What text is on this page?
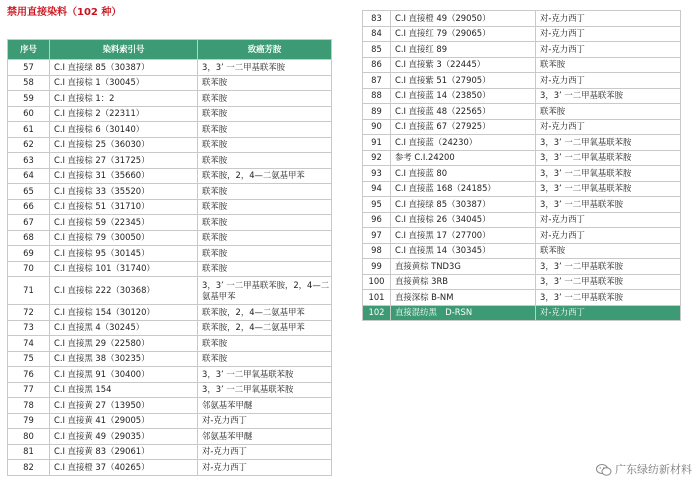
禁用直接染料（102 种）
序号	染料索引号	致癌芳胺
57	C.I 直接绿 85（30387）	3，3’ 一二甲基联苯胺
58	C.I 直接棕 1（30045）	联苯胺
59	C.I 直接棕 1：2	联苯胺
60	C.I 直接棕 2（22311）	联苯胺
61	C.I 直接棕 6（30140）	联苯胺
62	C.I 直接棕 25（36030）	联苯胺
63	C.I 直接棕 27（31725）	联苯胺
64	C.I 直接棕 31（35660）	联苯胺，2，4—二氨基甲苯
65	C.I 直接棕 33（35520）	联苯胺
66	C.I 直接棕 51（31710）	联苯胺
67	C.I 直接棕 59（22345）	联苯胺
68	C.I 直接棕 79（30050）	联苯胺
69	C.I 直接棕 95（30145）	联苯胺
70	C.I 直接棕 101（31740）	联苯胺
71	C.I 直接棕 222（30368）	3，3’ 一二甲基联苯胺，2，4—二氨基甲苯
72	C.I 直接棕 154（30120）	联苯胺，2，4—二氨基甲苯
73	C.I 直接黑 4（30245）	联苯胺，2，4—二氨基甲苯
74	C.I 直接黑 29（22580）	联苯胺
75	C.I 直接黑 38（30235）	联苯胺
76	C.I 直接黑 91（30400）	3，3’ 一二甲氧基联苯胺
77	C.I 直接黑 154	3，3’ 一二甲氧基联苯胺
78	C.I 直接黄 27（13950）	邻氨基苯甲醚
79	C.I 直接黄 41（29005）	对-克力西丁
80	C.I 直接黄 49（29035）	邻氨基苯甲醚
81	C.I 直接黄 83（29061）	对-克力西丁
82	C.I 直接橙 37（40265）	对-克力西丁
83	C.I 直接橙 49（29050）	对-克力西丁
84	C.I 直接红 79（29065）	对-克力西丁
85	C.I 直接红 89	对-克力西丁
86	C.I 直接紫 3（22445）	联苯胺
87	C.I 直接紫 51（27905）	对-克力西丁
88	C.I 直接蓝 14（23850）	3，3’ 一二甲基联苯胺
89	C.I 直接蓝 48（22565）	联苯胺
90	C.I 直接蓝 67（27925）	对-克力西丁
91	C.I 直接蓝（24230）	3，3’ 一二甲氧基联苯胺
92	参考 C.I.24200	3，3’ 一二甲氧基联苯胺
93	C.I 直接蓝 80	3，3’ 一二甲氧基联苯胺
94	C.I 直接蓝 168（24185）	3，3’ 一二甲氧基联苯胺
95	C.I 直接绿 85（30387）	3，3’ 一二甲基联苯胺
96	C.I 直接棕 26（34045）	对-克力西丁
97	C.I 直接黑 17（27700）	对-克力西丁
98	C.I 直接黑 14（30345）	联苯胺
99	直接黄棕 TND3G	3，3’ 一二甲基联苯胺
100	直接黄棕 3RB	3，3’ 一二甲基联苯胺
101	直接深棕 B-NM	3，3’ 一二甲基联苯胺
102	直接混纺黑　D-RSN	对-克力西丁
广东绿纺新材料
